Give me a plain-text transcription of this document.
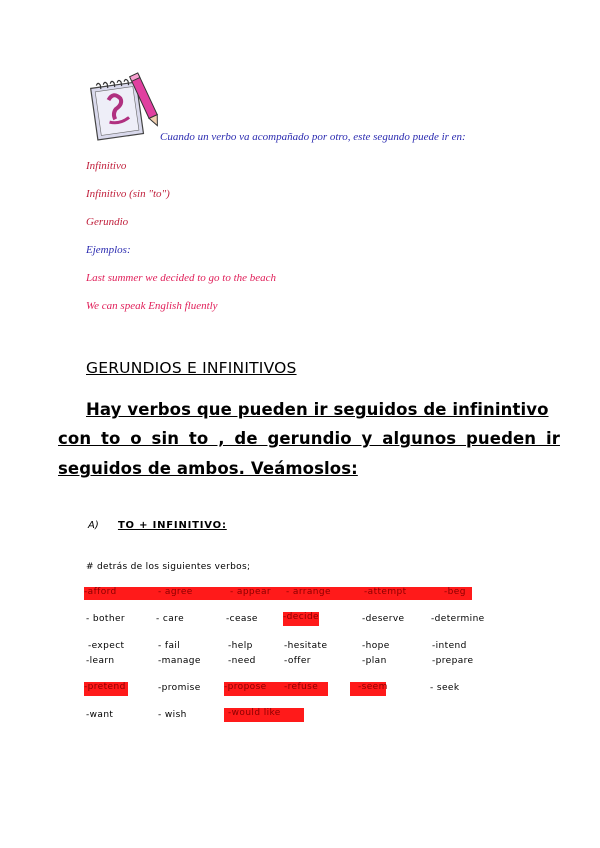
Cuando un verbo va acompañado por otro, este segundo puede ir en:
Infinitivo
Infinitivo (sin "to")
Gerundio
Ejemplos:
Last summer we decided to go to the beach
We can speak English fluently
GERUNDIOS E INFINITIVOS
Hay verbos que pueden ir seguidos de infinintivo
con to o sin to , de gerundio y algunos pueden ir
seguidos de ambos. Veámoslos:
A) TO + INFINITIVO:
# detrás de los siguientes verbos;
-afford	- agree	- appear	- arrange	-attempt	-beg
- bother	- care	-cease	-decide	-deserve	-determine
-expect	- fail	-help	-hesitate	-hope	-intend
-learn	-manage	-need	-offer	-plan	-prepare
-pretend	-promise	-propose	-refuse	-seem	- seek
-want	- wish	-would like
